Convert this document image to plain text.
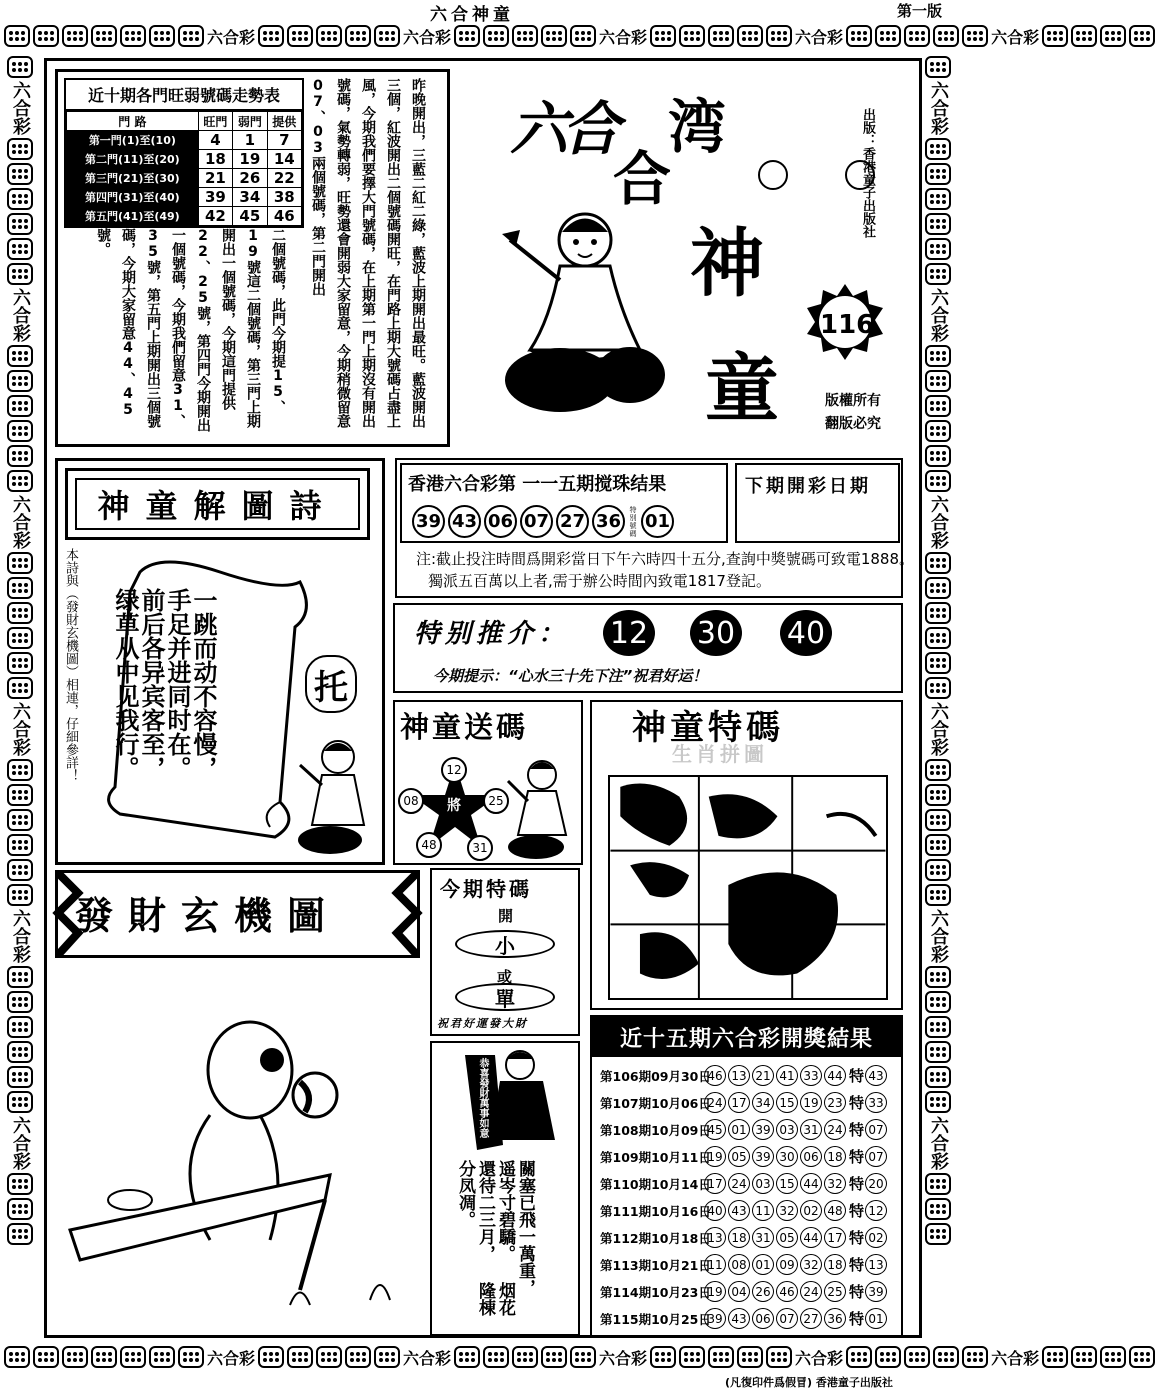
六合神童	第一版
六合彩	六合彩	六合彩	六合彩	六合彩
六合彩	六合彩	六合彩	六合彩	六合彩
六合彩
六合彩
六合彩
六合彩
六合彩
六合彩
六合彩
六合彩
六合彩
六合彩
六合彩
六合彩
近十期各門旺弱號碼走勢表
門 路	旺門	弱門	提供
第一門(1)至(10)	4	1	7
第二門(11)至(20)	18	19	14
第三門(21)至(30)	21	26	22
第四門(31)至(40)	39	34	38
第五門(41)至(49)	42	45	46	昨晚開出，三藍二紅二綠，藍波上期開出最旺。藍波開出三個，紅波開出二個號碼開旺，在門路上期大號碼占盡上風，今期我們要擇大門號碼，在上期第一門上期沒有開出號碼，氣勢轉弱，旺勢還會開弱大家留意，今期稍微留意07、03兩個號碼，第二門開出
二個號碼，此門今期提15、19號這二個號碼，第三門上期開出一個號碼，今期這門提供22、25號，第四門今期開出一個號碼，今期我們留意31、35號，第五門上期開出三個號碼，今期大家留意44、45號。
六合 湾
合
神
童
出版：香港童子出版社
116
版權所有
翻版必究
神童解圖詩
本詩與（發財玄機圖）相連，仔細參詳！	一跳而动不容慢， 手足并进同时在。 前后各异宾客至， 绿草从中见我行。	托
香港六合彩第 一一五期搅珠结果
39 43 06 07 27 36
特別號碼
01
下期開彩日期
注:截止投注時間爲開彩當日下午六時四十五分,查詢中獎號碼可致電1888。
獨派五百萬以上者,需于辦公時間內致電1817登記。
特别推介： 12 30 40
今期提示：“心水三十先下注”祝君好运！
神童送碼
將
12
25
31
48
08
神童特碼
生肖拼圖
發財玄機圖
今期特碼
開
小
或
單
祝君好運發大財
恭喜發財萬事如意
關塞已飛一萬重， 遥岑寸碧驕。 烟花還待二三月， 隆棟分凤凋。
近十五期六合彩開獎結果
第106期09月30日
46 13 21 41 33 44 特 43
第107期10月06日
24 17 34 15 19 23 特 33
第108期10月09日
45 01 39 03 31 24 特 07
第109期10月11日
19 05 39 30 06 18 特 07
第110期10月14日
17 24 03 15 44 32 特 20
第111期10月16日
40 43 11 32 02 48 特 12
第112期10月18日
13 18 31 05 44 17 特 02
第113期10月21日
11 08 01 09 32 18 特 13
第114期10月23日
19 04 26 46 24 25 特 39
第115期10月25日
39 43 06 07 27 36 特 01
(凡復印件爲假冒) 香港童子出版社
